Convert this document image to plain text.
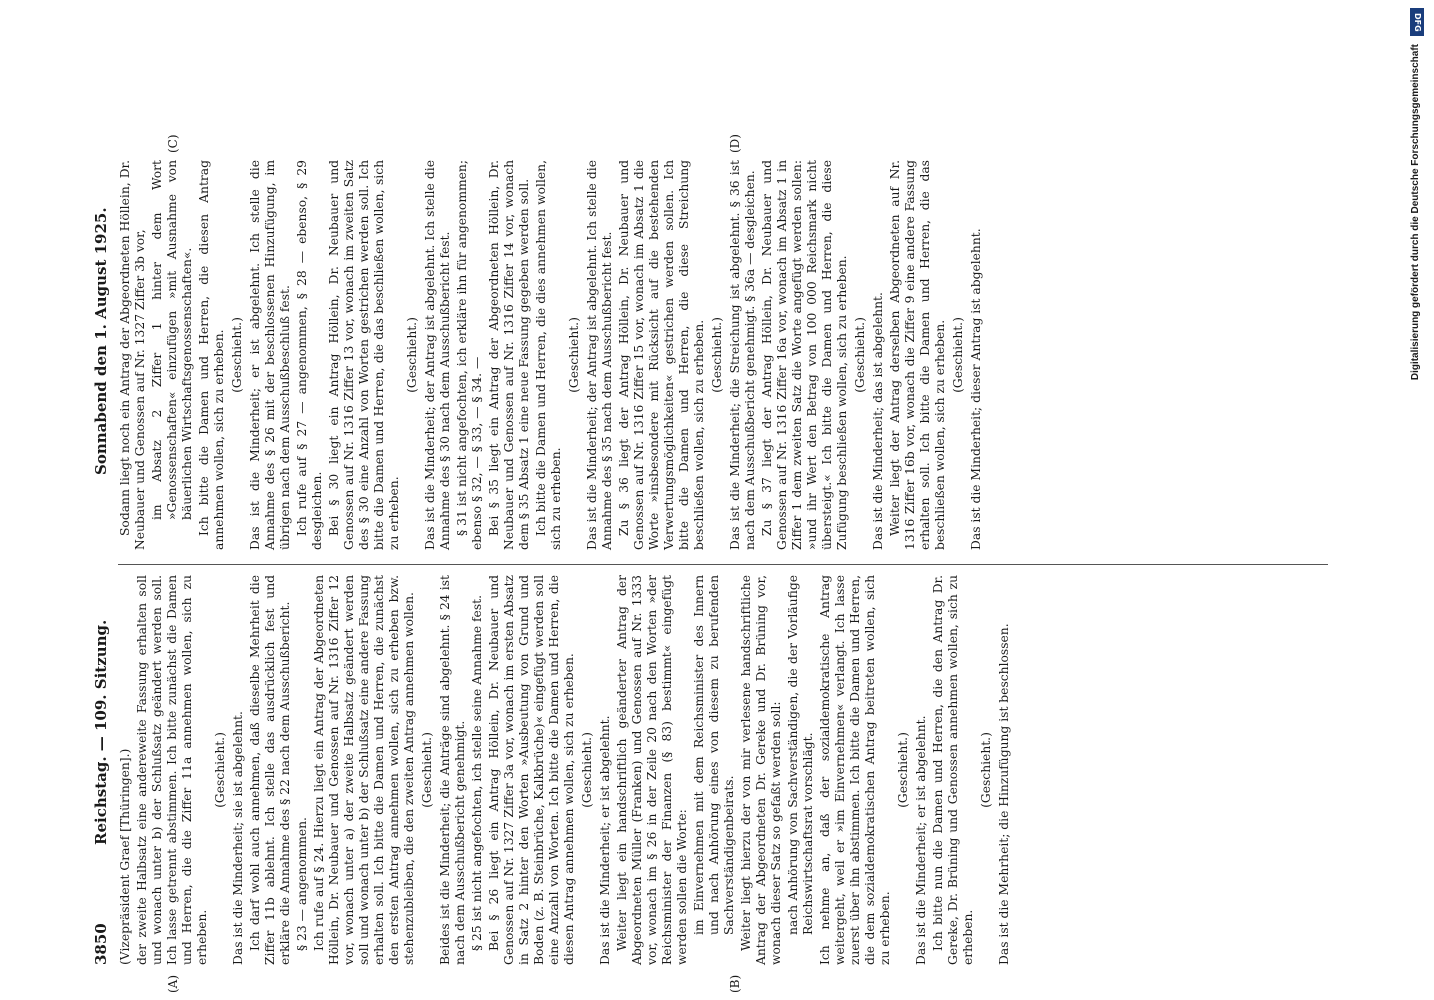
DFG
Digitalisierung gefördert durch die Deutsche Forschungsgemeinschaft
3850
Reichstag. — 109. Sitzung.
Sonnabend den 1. August 1925.
(A)	(B)
(C)	(D)

(Vizepräsident Graef [Thüringen].) der zweite Halbsatz eine andereweite Fassung erhalten soll und wonach unter b) der Schlußsatz geändert werden soll. Ich lasse getrennt abstimmen. Ich bitte zunächst die Damen und Herren, die die Ziffer 11a annehmen wollen, sich zu erheben.

(Geschieht.) Das ist die Minderheit; sie ist abgelehnt. Ich darf wohl auch annehmen, daß dieselbe Mehrheit die Ziffer 11b ablehnt. Ich stelle das ausdrücklich fest und erkläre die Annahme des § 22 nach dem Ausschußbericht. § 23 — angenommen. Ich rufe auf § 24. Hierzu liegt ein Antrag der Abgeordneten Höllein, Dr. Neubauer und Genossen auf Nr. 1316 Ziffer 12 vor, wonach unter a) der zweite Halbsatz geändert werden soll und wonach unter b) der Schlußsatz eine andere Fassung erhalten soll. Ich bitte die Damen und Herren, die zunächst den ersten Antrag annehmen wollen, sich zu erheben bzw. stehenzubleiben, die den zweiten Antrag annehmen wollen. (Geschieht.) Beides ist die Minderheit; die Anträge sind abgelehnt. § 24 ist nach dem Ausschußbericht genehmigt. § 25 ist nicht angefochten, ich stelle seine Annahme fest. Bei § 26 liegt ein Antrag Höllein, Dr. Neubauer und Genossen auf Nr. 1327 Ziffer 3a vor, wonach im ersten Absatz in Satz 2 hinter den Worten »Ausbeutung von Grund und Boden (z. B. Steinbrüche, Kalkbrüche)« eingefügt werden soll eine Anzahl von Worten. Ich bitte die Damen und Herren, die diesen Antrag annehmen wollen, sich zu erheben. (Geschieht.) Das ist die Minderheit; er ist abgelehnt. Weiter liegt ein handschriftlich geänderter Antrag der Abgeordneten Müller (Franken) und Genossen auf Nr. 1333 vor, wonach im § 26 in der Zeile 20 nach den Worten »der Reichsminister der Finanzen (§ 83) bestimmt« eingefügt werden sollen die Worte: im Einvernehmen mit dem Reichsminister des Innern und nach Anhörung eines von diesem zu berufenden Sachverständigenbeirats. Weiter liegt hierzu der von mir verlesene handschriftliche Antrag der Abgeordneten Dr. Gereke und Dr. Brüning vor, wonach dieser Satz so gefaßt werden soll: nach Anhörung von Sachverständigen, die der Vorläufige Reichswirtschaftsrat vorschlägt. Ich nehme an, daß der sozialdemokratische Antrag weitergeht, weil er »im Einvernehmen« verlangt. Ich lasse zuerst über ihn abstimmen. Ich bitte die Damen und Herren, die dem sozialdemokratischen Antrag beitreten wollen, sich zu erheben.

(Geschieht.) Das ist die Minderheit; er ist abgelehnt. Ich bitte nun die Damen und Herren, die den Antrag Dr. Gereke, Dr. Brüning und Genossen annehmen wollen, sich zu erheben.

(Geschieht.) Das ist die Mehrheit; die Hinzufügung ist beschlossen.

Sodann liegt noch ein Antrag der Abgeordneten Höllein, Dr. Neubauer und Genossen auf Nr. 1327 Ziffer 3b vor, im Absatz 2 Ziffer 1 hinter dem Wort »Genossenschaften« einzufügen »mit Ausnahme von bäuerlichen Wirtschaftsgenossenschaften«. Ich bitte die Damen und Herren, die diesen Antrag annehmen wollen, sich zu erheben. (Geschieht.) Das ist die Minderheit; er ist abgelehnt. Ich stelle die Annahme des § 26 mit der beschlossenen Hinzufügung, im übrigen nach dem Ausschußbeschluß fest. Ich rufe auf § 27 — angenommen, § 28 — ebenso, § 29 desgleichen. Bei § 30 liegt ein Antrag Höllein, Dr. Neubauer und Genossen auf Nr. 1316 Ziffer 13 vor, wonach im zweiten Satz des § 30 eine Anzahl von Worten gestrichen werden soll. Ich bitte die Damen und Herren, die das beschließen wollen, sich zu erheben.

(Geschieht.) Das ist die Minderheit; der Antrag ist abgelehnt. Ich stelle die Annahme des § 30 nach dem Ausschußbericht fest. § 31 ist nicht angefochten, ich erkläre ihn für angenommen; ebenso § 32, — § 33, — § 34. — Bei § 35 liegt ein Antrag der Abgeordneten Höllein, Dr. Neubauer und Genossen auf Nr. 1316 Ziffer 14 vor, wonach dem § 35 Absatz 1 eine neue Fassung gegeben werden soll. Ich bitte die Damen und Herren, die dies annehmen wollen, sich zu erheben.

(Geschieht.) Das ist die Minderheit; der Antrag ist abgelehnt. Ich stelle die Annahme des § 35 nach dem Ausschußbericht fest. Zu § 36 liegt der Antrag Höllein, Dr. Neubauer und Genossen auf Nr. 1316 Ziffer 15 vor, wonach im Absatz 1 die Worte »insbesondere mit Rücksicht auf die bestehenden Verwertungsmöglichkeiten« gestrichen werden sollen. Ich bitte die Damen und Herren, die diese Streichung beschließen wollen, sich zu erheben. (Geschieht.) Das ist die Minderheit; die Streichung ist abgelehnt. § 36 ist nach dem Ausschußbericht genehmigt. § 36a — desgleichen. Zu § 37 liegt der Antrag Höllein, Dr. Neubauer und Genossen auf Nr. 1316 Ziffer 16a vor, wonach im Absatz 1 in Ziffer 1 dem zweiten Satz die Worte angefügt werden sollen: »und ihr Wert den Betrag von 100 000 Reichsmark nicht übersteigt.« Ich bitte die Damen und Herren, die diese Zufügung beschließen wollen, sich zu erheben. (Geschieht.) Das ist die Minderheit; das ist abgelehnt. Weiter liegt der Antrag derselben Abgeordneten auf Nr. 1316 Ziffer 16b vor, wonach die Ziffer 9 eine andere Fassung erhalten soll. Ich bitte die Damen und Herren, die das beschließen wollen, sich zu erheben. (Geschieht.) Das ist die Minderheit; dieser Antrag ist abgelehnt.
